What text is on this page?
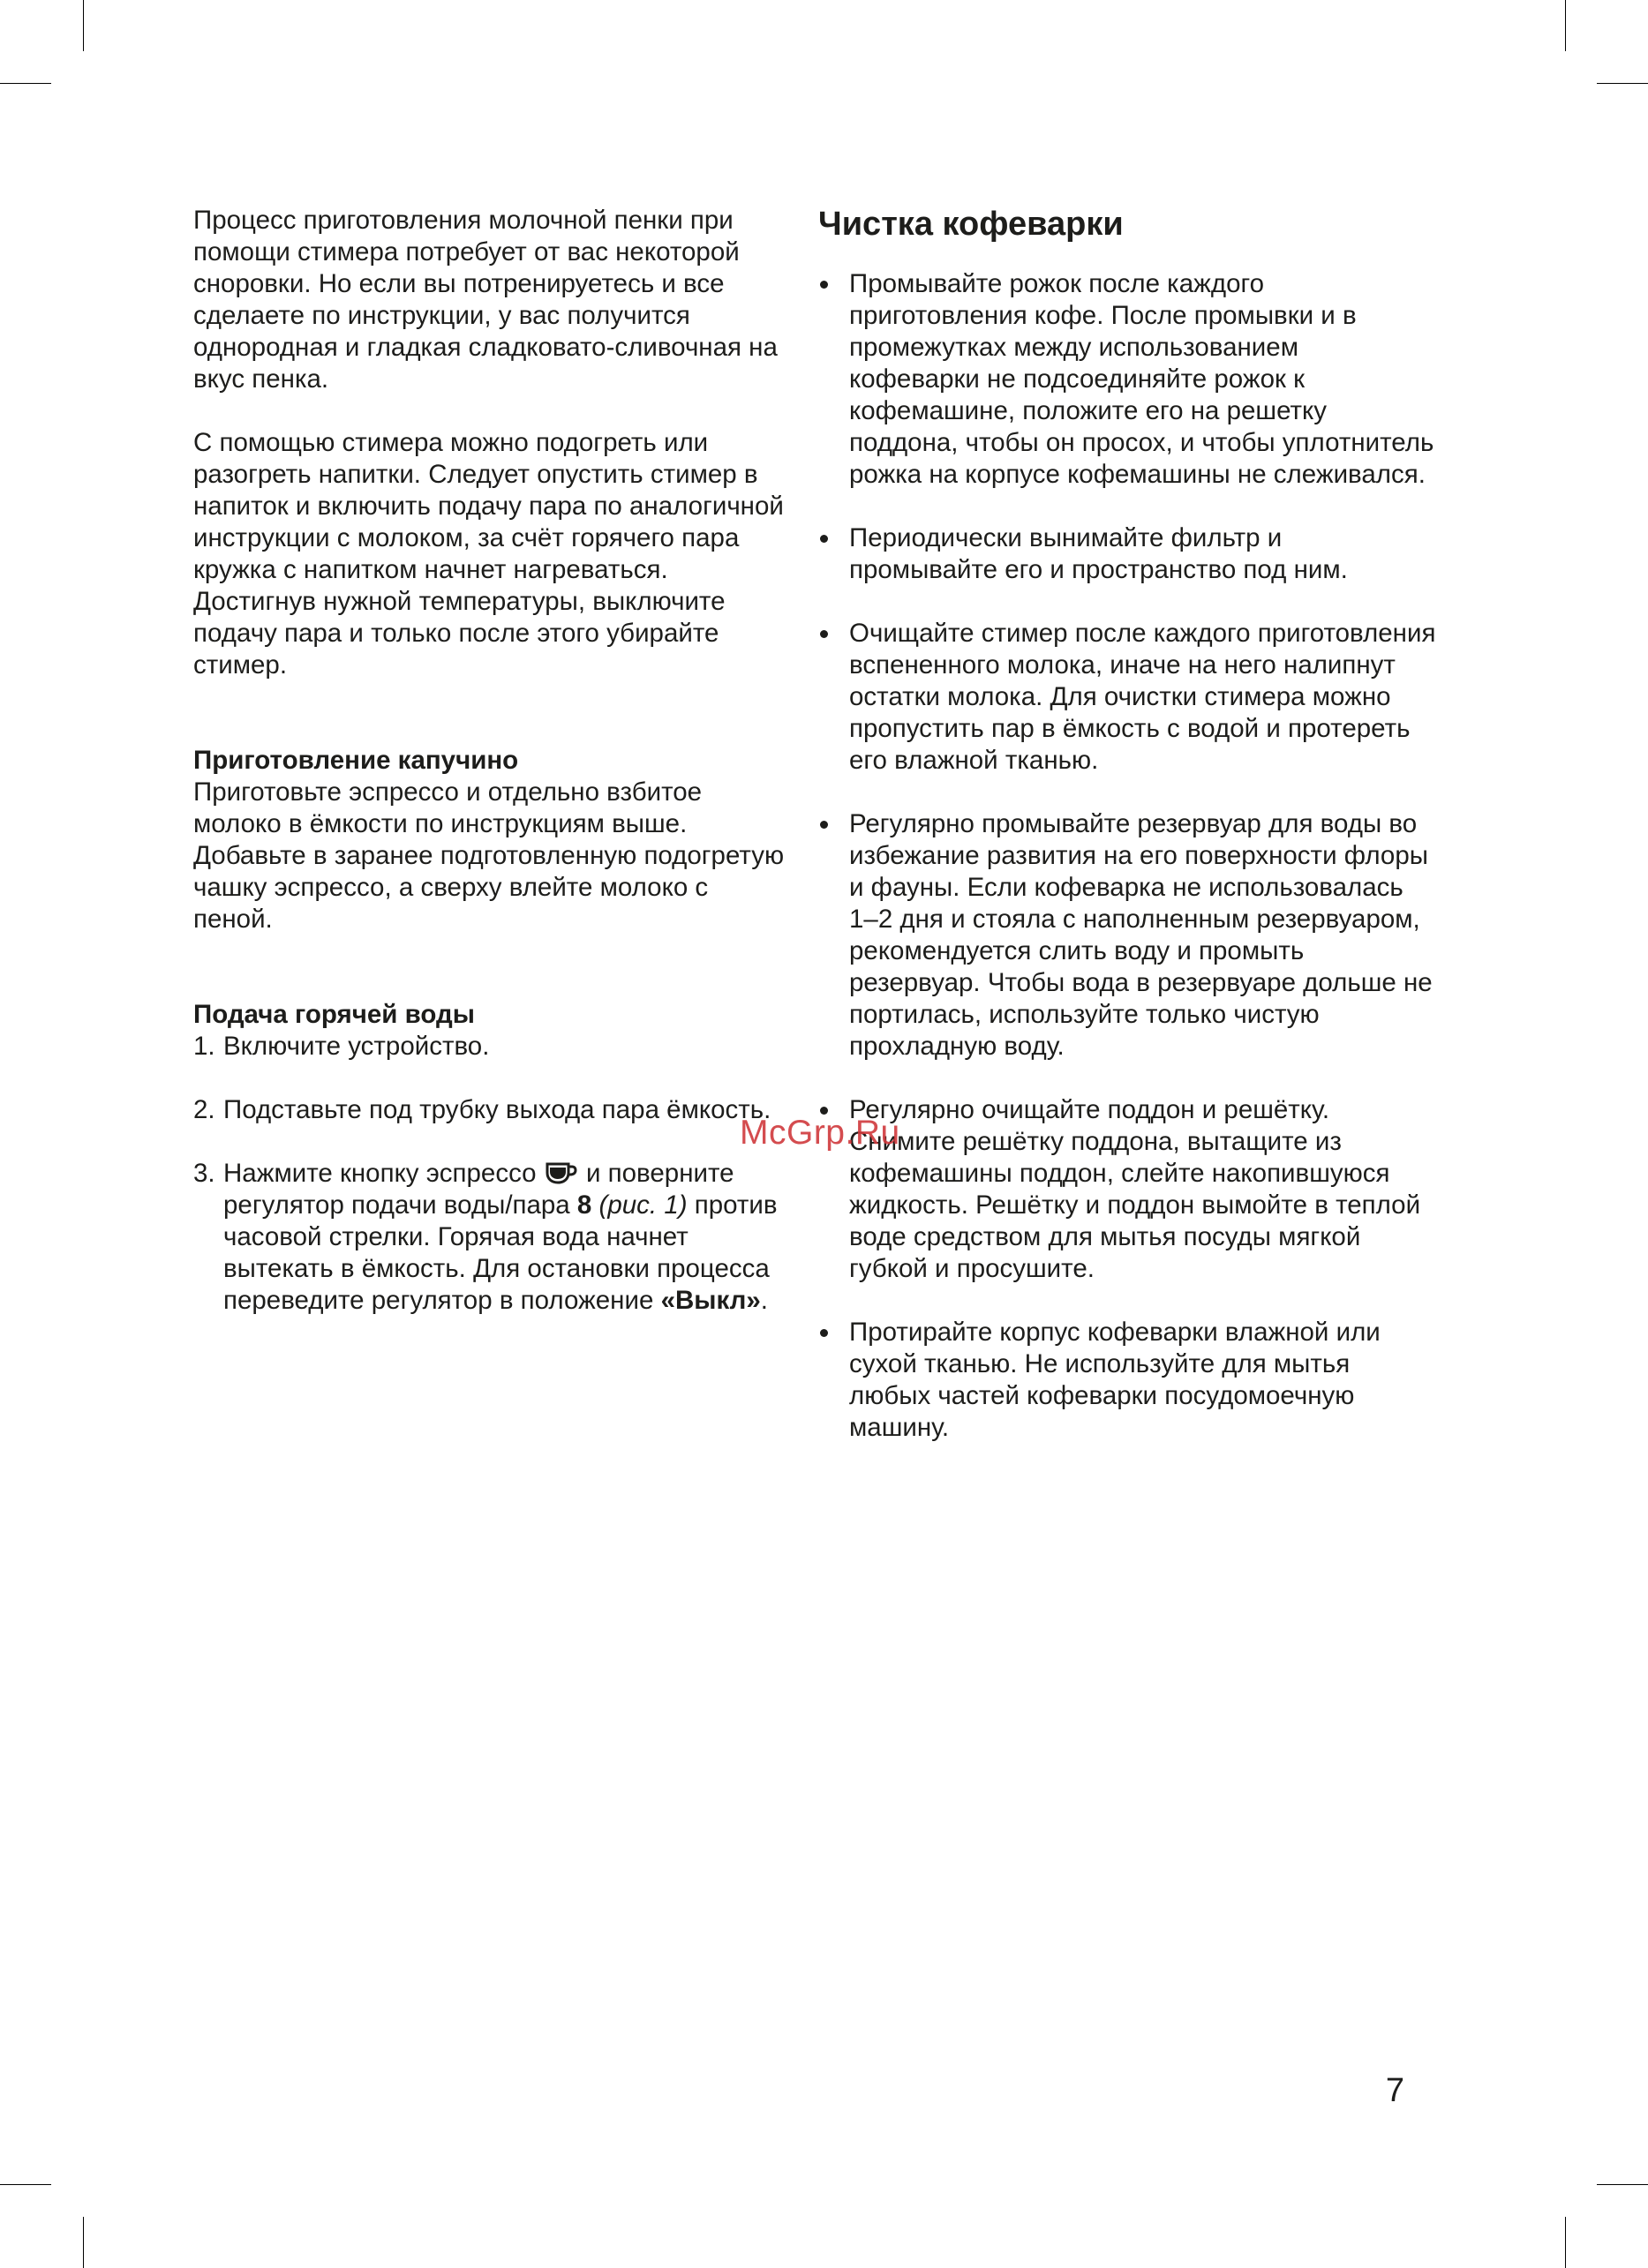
Процесс приготовления молочной пенки при помощи стимера потребует от вас некоторой сноровки. Но если вы потренируетесь и все сделаете по инструкции, у вас получится однородная и гладкая сладковато-сливочная на вкус пенка.

С помощью стимера можно подогреть или разогреть напитки. Следует опустить стимер в напиток и включить подачу пара по аналогичной инструкции с молоком, за счёт горячего пара кружка с напитком начнет нагреваться. Достигнув нужной температуры, выключите подачу пара и только после этого убирайте стимер.

Приготовление капучино

Приготовьте эспрессо и отдельно взбитое молоко в ёмкости по инструкциям выше. Добавьте в заранее подготовленную подогретую чашку эспрессо, а сверху влейте молоко с пеной.

Подача горячей воды

1. Включите устройство.
2. Подставьте под трубку выхода пара ёмкость.
3. Нажмите кнопку эспрессо и поверните регулятор подачи воды/пара 8 (рис. 1) против часовой стрелки. Горячая вода начнет вытекать в ёмкость. Для остановки процесса переведите регулятор в положение «Выкл».
Чистка кофеварки
Промывайте рожок после каждого приготовления кофе. После промывки и в промежутках между использованием кофеварки не подсоединяйте рожок к кофемашине, положите его на решетку поддона, чтобы он просох, и чтобы уплотнитель рожка на корпусе кофемашины не слеживался.
Периодически вынимайте фильтр и промывайте его и пространство под ним.
Очищайте стимер после каждого приготовления вспененного молока, иначе на него налипнут остатки молока. Для очистки стимера можно пропустить пар в ёмкость с водой и протереть его влажной тканью.
Регулярно промывайте резервуар для воды во избежание развития на его поверхности флоры и фауны. Если кофеварка не использовалась 1–2 дня и стояла с наполненным резервуаром, рекомендуется слить воду и промыть резервуар. Чтобы вода в резервуаре дольше не портилась, используйте только чистую прохладную воду.
Регулярно очищайте поддон и решётку. Снимите решётку поддона, вытащите из кофемашины поддон, слейте накопившуюся жидкость. Решётку и поддон вымойте в теплой воде средством для мытья посуды мягкой губкой и просушите.
Протирайте корпус кофеварки влажной или сухой тканью. Не используйте для мытья любых частей кофеварки посудомоечную машину.
McGrp.Ru
7
